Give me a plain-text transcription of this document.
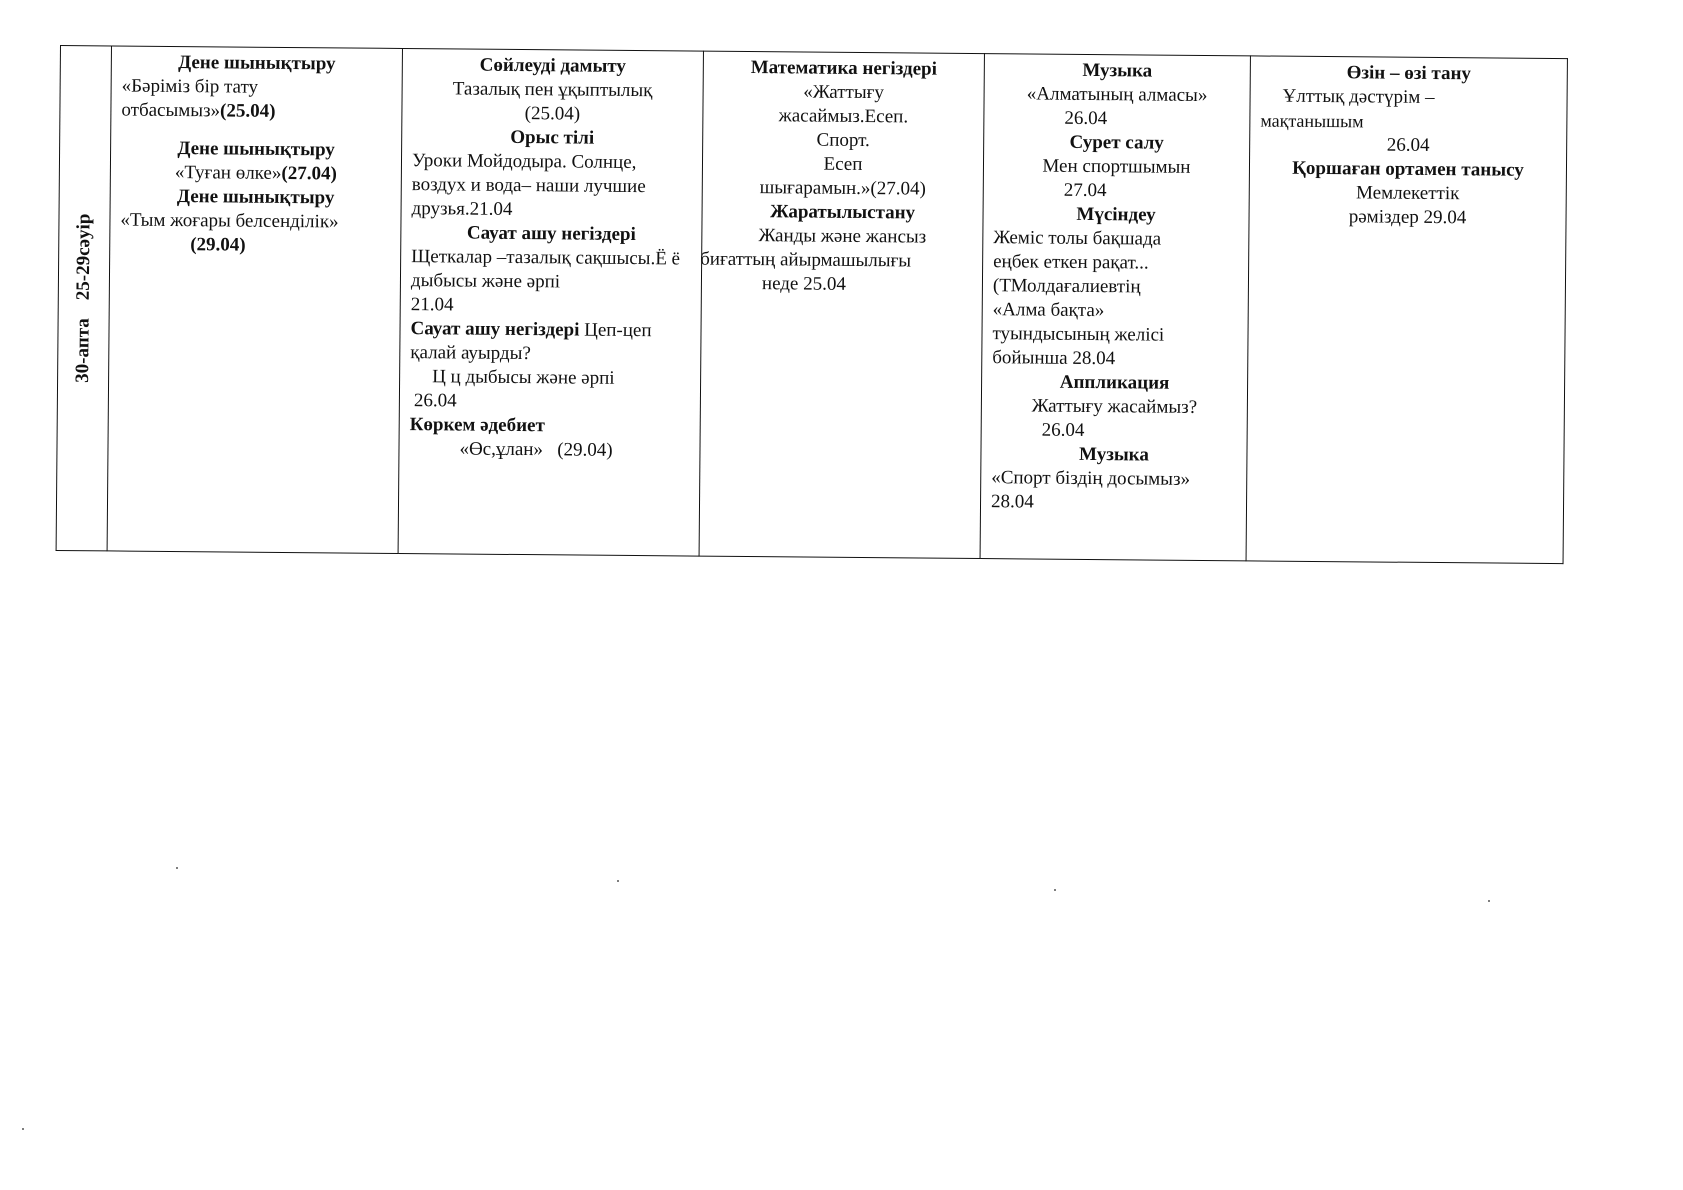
30-апта25-29сәуір

Дене шынықтыру
«Бәріміз бір тату отбасымыз»(25.04)
Дене шынықтыру
«Туған өлке»(27.04)
Дене шынықтыру
«Тым жоғары белсенділік»
(29.04)

Сөйлеуді дамыту
Тазалық пен ұқыптылық
(25.04)
Орыс тілі
Уроки Мойдодыра. Солнце, воздух и вода– наши лучшие друзья.21.04
Сауат ашу негіздері
Щеткалар –тазалық сақшысы.Ё ё дыбысы және әрпі
21.04
Сауат ашу негіздері Цеп-цеп қалай ауырды?
Ц ц дыбысы және әрпі
26.04
Көркем әдебиет
«Өс,ұлан» (29.04)

Математика негіздері
«Жаттығу
жасаймыз.Есеп.
Спорт.
Есеп
шығарамын.»(27.04)
Жаратылыстану
Жанды және жансыз
биғаттың айырмашылығы
неде 25.04

Музыка
«Алматының алмасы»
26.04
Сурет салу
Мен спортшымын
27.04
Мүсіндеу
Жеміс толы бақшада
еңбек еткен рақат...
(ТМолдағалиевтің
«Алма бақта»
туындысының желісі
бойынша 28.04
Аппликация
Жаттығу жасаймыз?
26.04
Музыка
«Спорт біздің досымыз»
28.04

Өзін – өзі тану
Ұлттық дәстүрім –
мақтанышым
26.04
Қоршаған ортамен танысу
Мемлекеттік
рәміздер 29.04
